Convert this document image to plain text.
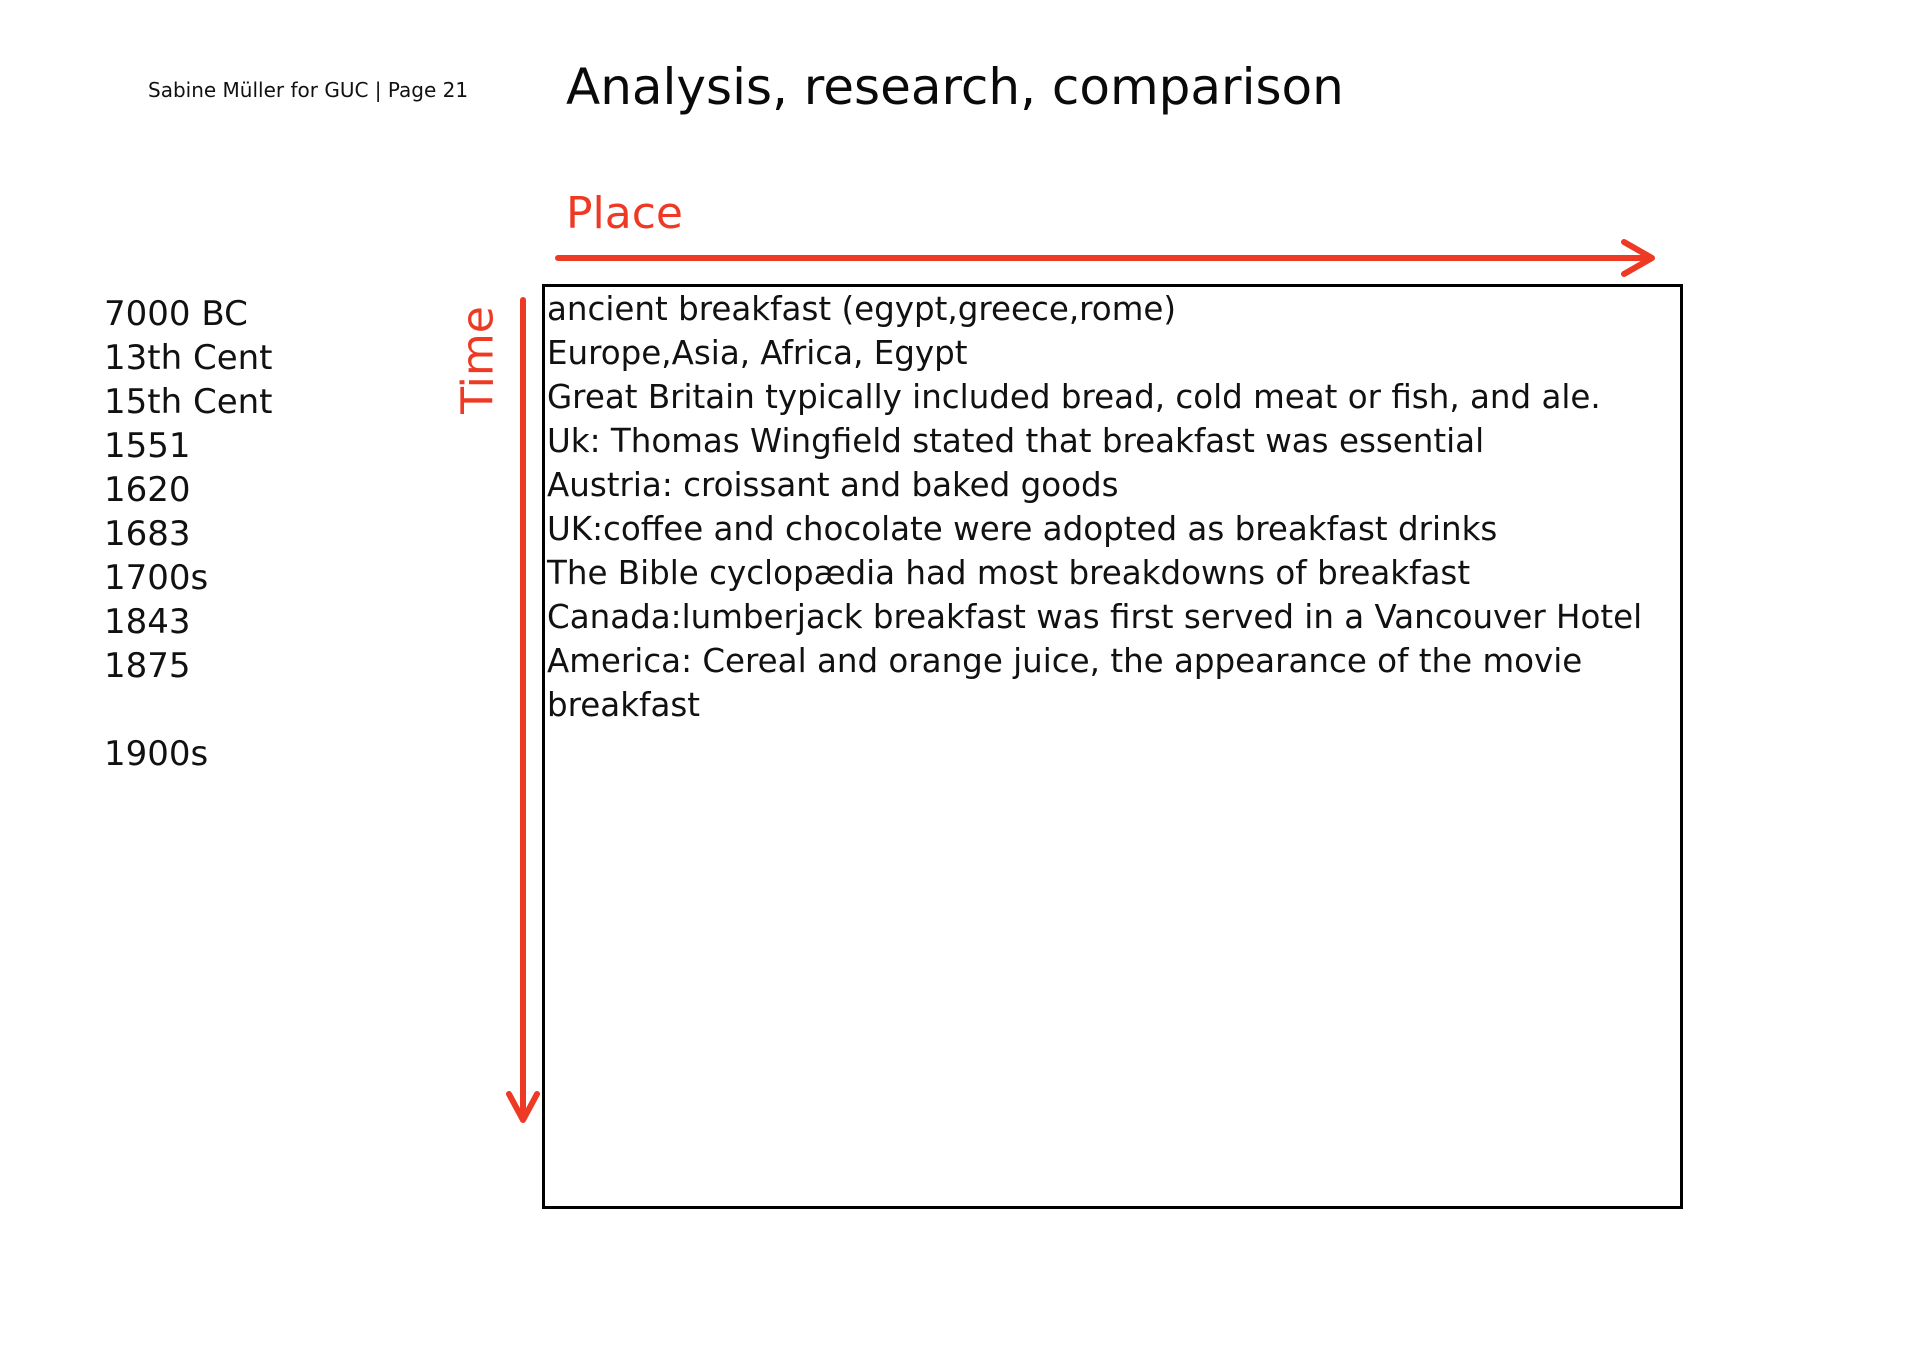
Sabine Müller for GUC | Page 21 Analysis, research, comparison
Place
Time
7000 BC
13th Cent
15th Cent
1551
1620
1683
1700s
1843
1875
1900s
ancient breakfast (egypt,greece,rome)
Europe,Asia, Africa, Egypt
Great Britain typically included bread, cold meat or fish, and ale.
Uk: Thomas Wingfield stated that breakfast was essential
Austria: croissant and baked goods
UK:coffee and chocolate were adopted as breakfast drinks
The Bible cyclopædia had most breakdowns of breakfast
Canada:lumberjack breakfast was first served in a Vancouver Hotel
America: Cereal and orange juice, the appearance of the movie breakfast
